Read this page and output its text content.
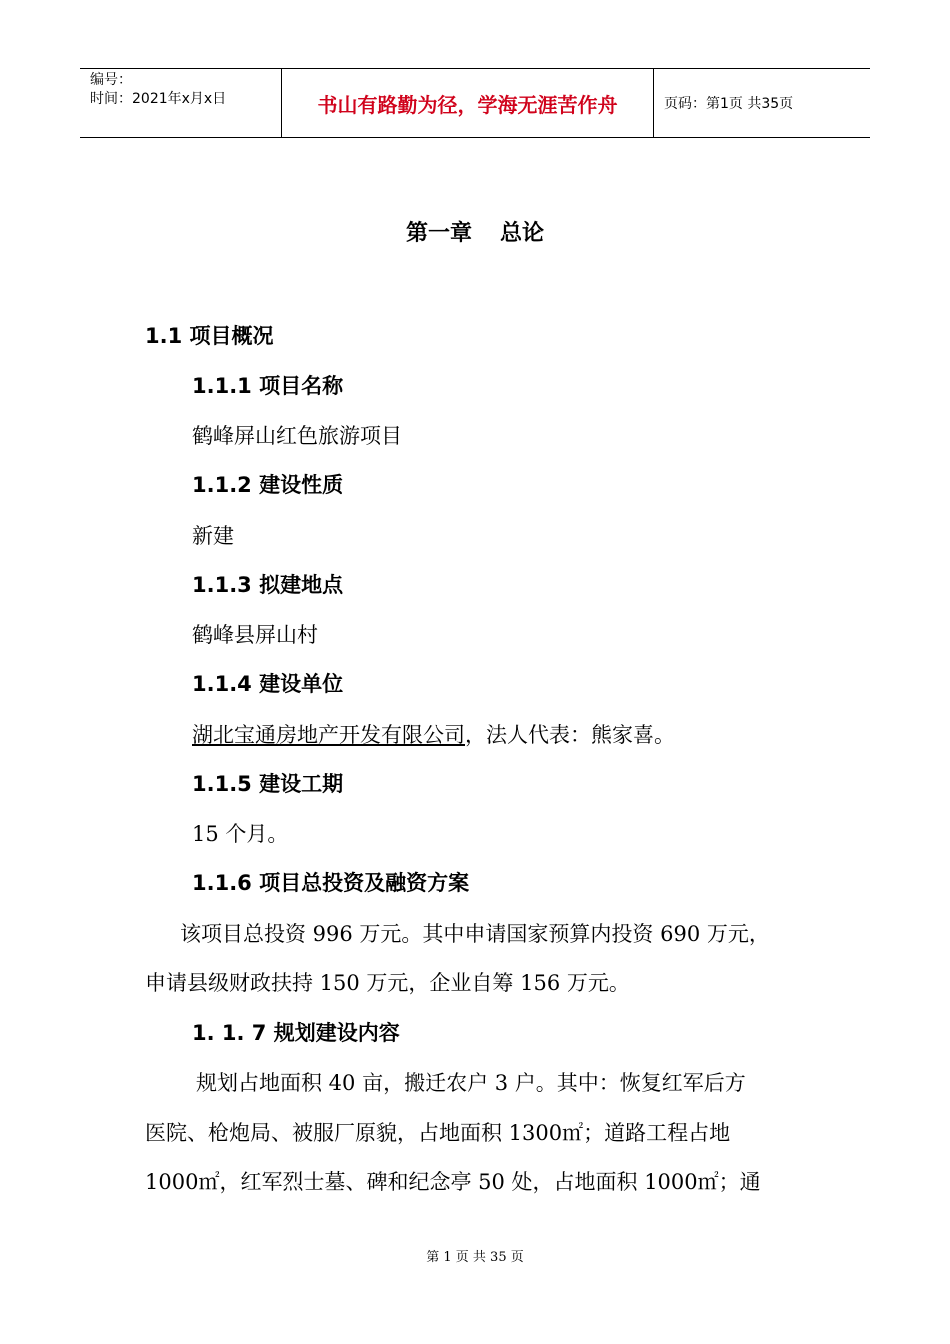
编号：
时间：2021年x月x日	书山有路勤为径，学海无涯苦作舟	页码：第1页 共35页
第一章 总论
1.1 项目概况
1.1.1 项目名称
鹤峰屏山红色旅游项目
1.1.2 建设性质
新建
1.1.3 拟建地点
鹤峰县屏山村
1.1.4 建设单位
湖北宝通房地产开发有限公司，法人代表：熊家喜。
1.1.5 建设工期
15 个月。
1.1.6 项目总投资及融资方案
该项目总投资 996 万元。其中申请国家预算内投资 690 万元，
申请县级财政扶持 150 万元，企业自筹 156 万元。
1. 1. 7 规划建设内容
规划占地面积 40 亩，搬迁农户 3 户。其中：恢复红军后方
医院、枪炮局、被服厂原貌，占地面积 1300㎡；道路工程占地
1000㎡，红军烈士墓、碑和纪念亭 50 处，占地面积 1000㎡；通
第 1 页 共 35 页
